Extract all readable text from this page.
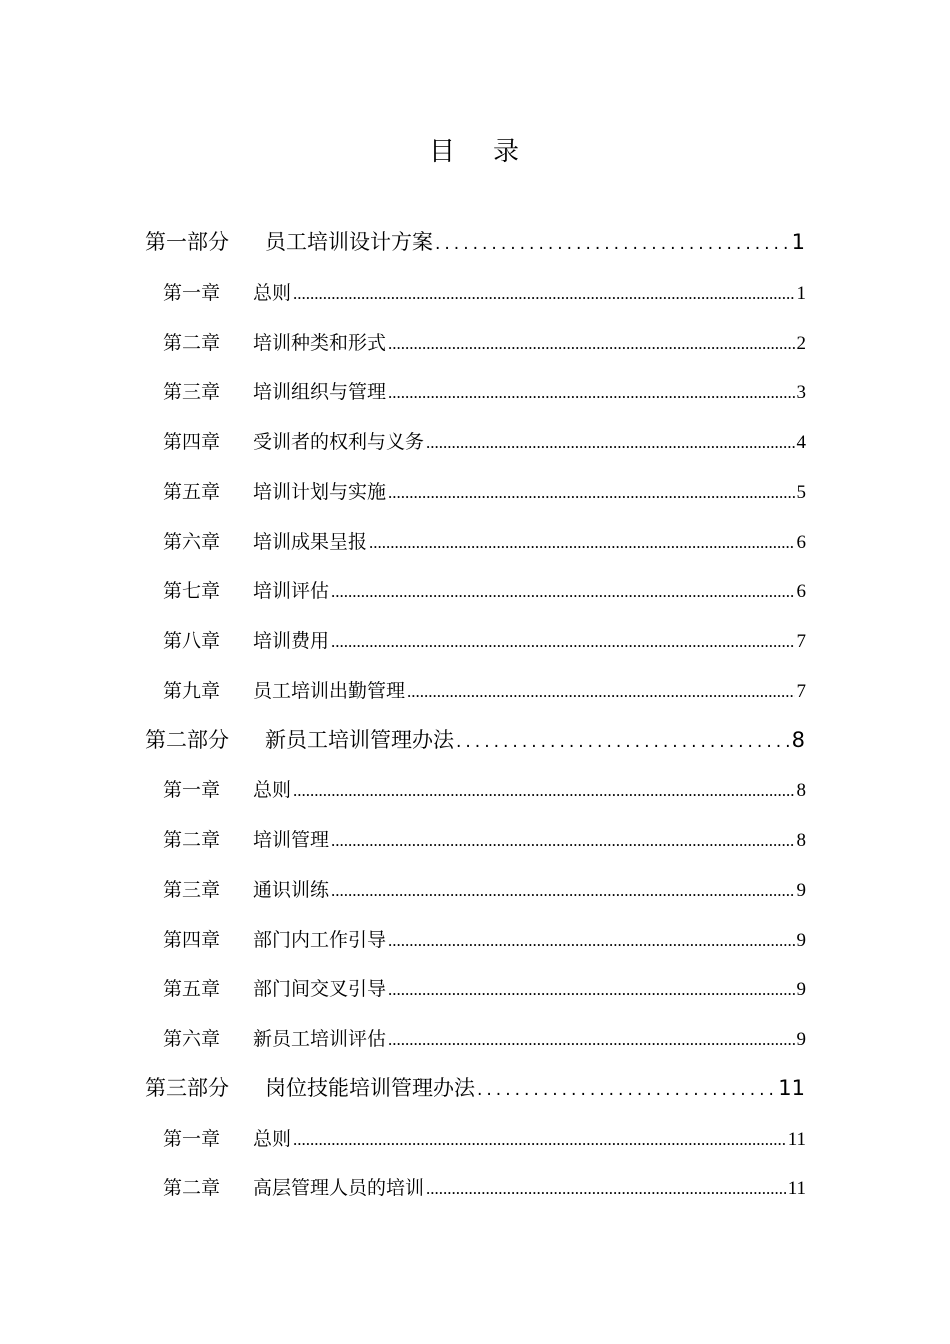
目 录
第一部分	员工培训设计方案 .....	1
第一章	总则 .....	1
第二章	培训种类和形式 .....	2
第三章	培训组织与管理 .....	3
第四章	受训者的权利与义务 .....	4
第五章	培训计划与实施 .....	5
第六章	培训成果呈报 .....	6
第七章	培训评估 .....	6
第八章	培训费用 .....	7
第九章	员工培训出勤管理 .....	7
第二部分	新员工培训管理办法 .....	8
第一章	总则 .....	8
第二章	培训管理 .....	8
第三章	通识训练 .....	9
第四章	部门内工作引导 .....	9
第五章	部门间交叉引导 .....	9
第六章	新员工培训评估 .....	9
第三部分	岗位技能培训管理办法 .....	11
第一章	总则 .....	11
第二章	高层管理人员的培训 .....	11
